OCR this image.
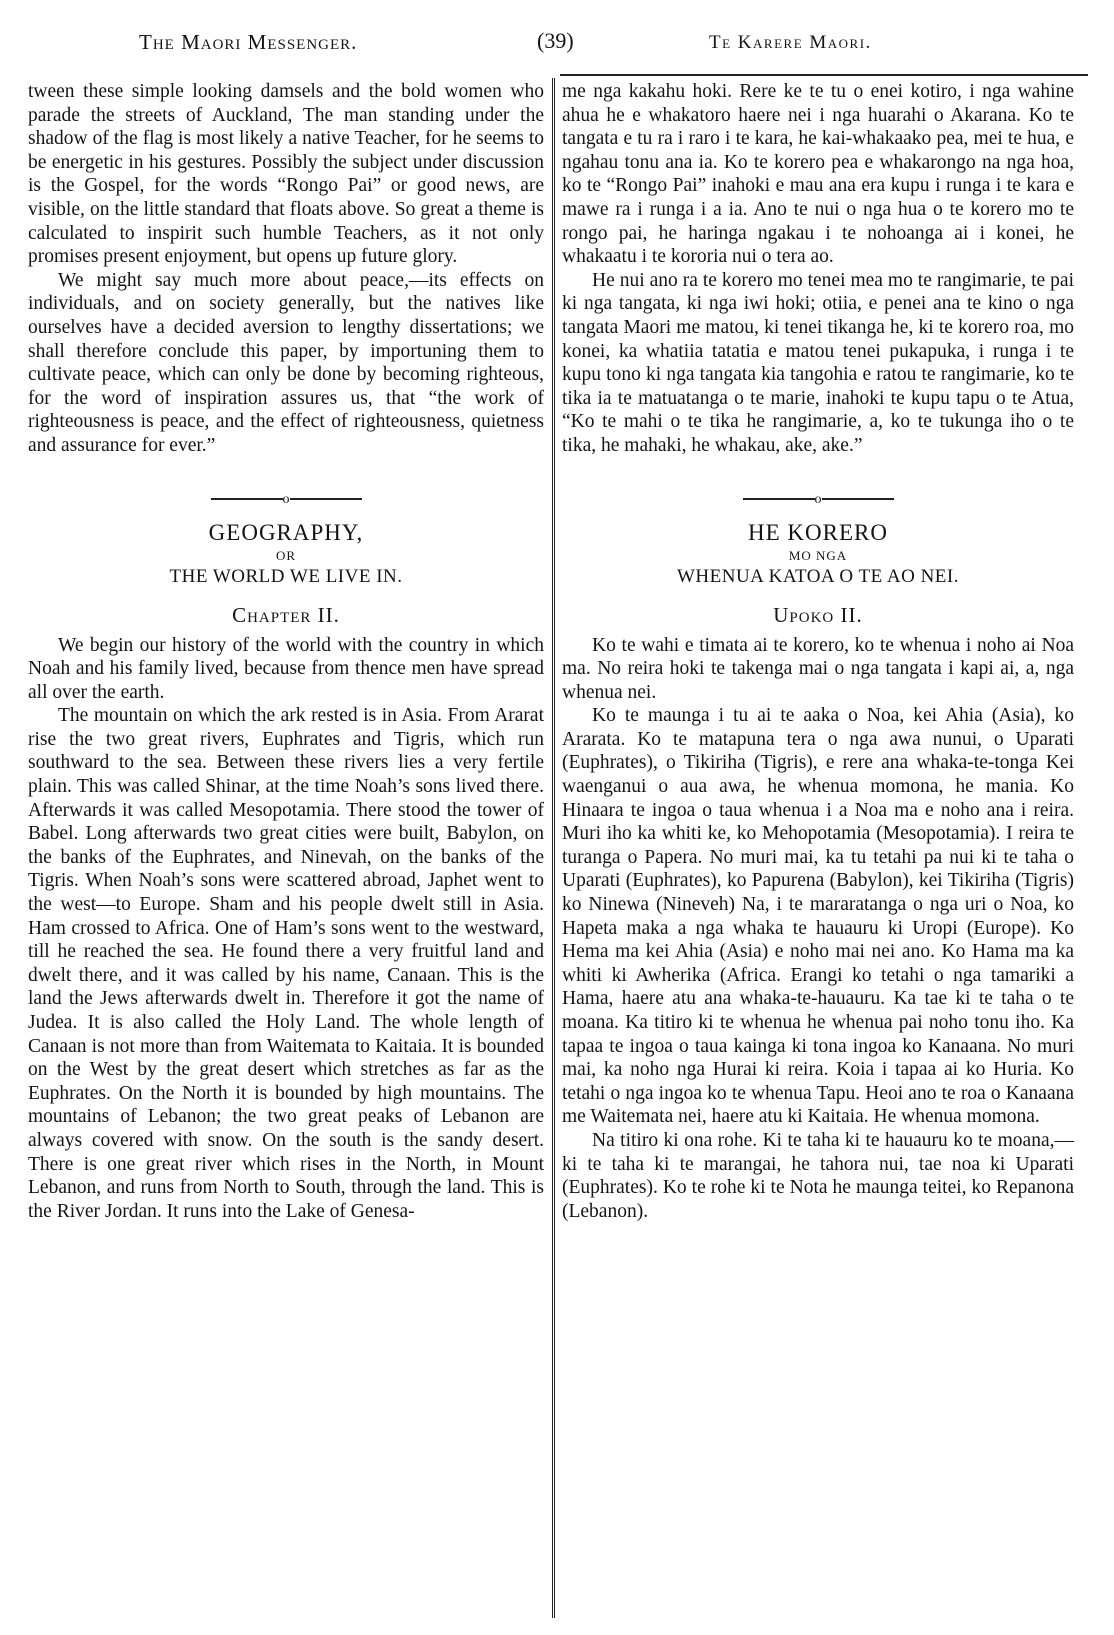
The Maori Messenger.	(39)	Te Karere Maori.

tween these simple looking damsels and the bold women who parade the streets of Auckland, The man standing under the shadow of the flag is most likely a native Teacher, for he seems to be energetic in his gestures. Possibly the subject under discussion is the Gospel, for the words “Rongo Pai” or good news, are visible, on the little standard that floats above. So great a theme is calculated to inspirit such humble Teachers, as it not only promises present enjoyment, but opens up future glory.

We might say much more about peace,—its effects on individuals, and on society generally, but the natives like ourselves have a decided aversion to lengthy dissertations; we shall therefore conclude this paper, by importuning them to cultivate peace, which can only be done by becoming righteous, for the word of inspiration assures us, that “the work of righteousness is peace, and the effect of righteousness, quietness and assurance for ever.”

o
GEOGRAPHY,
OR
THE WORLD WE LIVE IN.
Chapter II.

We begin our history of the world with the country in which Noah and his family lived, because from thence men have spread all over the earth.

The mountain on which the ark rested is in Asia. From Ararat rise the two great rivers, Euphrates and Tigris, which run southward to the sea. Between these rivers lies a very fertile plain. This was called Shinar, at the time Noah’s sons lived there. Afterwards it was called Mesopotamia. There stood the tower of Babel. Long afterwards two great cities were built, Babylon, on the banks of the Euphrates, and Ninevah, on the banks of the Tigris. When Noah’s sons were scattered abroad, Japhet went to the west—to Europe. Sham and his people dwelt still in Asia. Ham crossed to Africa. One of Ham’s sons went to the westward, till he reached the sea. He found there a very fruitful land and dwelt there, and it was called by his name, Canaan. This is the land the Jews afterwards dwelt in. Therefore it got the name of Judea. It is also called the Holy Land. The whole length of Canaan is not more than from Waitemata to Kaitaia. It is bounded on the West by the great desert which stretches as far as the Euphrates. On the North it is bounded by high mountains. The mountains of Lebanon; the two great peaks of Lebanon are always covered with snow. On the south is the sandy desert. There is one great river which rises in the North, in Mount Lebanon, and runs from North to South, through the land. This is the River Jordan. It runs into the Lake of Genesa-

me nga kakahu hoki. Rere ke te tu o enei kotiro, i nga wahine ahua he e whakatoro haere nei i nga huarahi o Akarana. Ko te tangata e tu ra i raro i te kara, he kai-whakaako pea, mei te hua, e ngahau tonu ana ia. Ko te korero pea e whakarongo na nga hoa, ko te “Rongo Pai” inahoki e mau ana era kupu i runga i te kara e mawe ra i runga i a ia. Ano te nui o nga hua o te korero mo te rongo pai, he haringa ngakau i te nohoanga ai i konei, he whakaatu i te kororia nui o tera ao.

He nui ano ra te korero mo tenei mea mo te rangimarie, te pai ki nga tangata, ki nga iwi hoki; otiia, e penei ana te kino o nga tangata Maori me matou, ki tenei tikanga he, ki te korero roa, mo konei, ka whatiia tatatia e matou tenei pukapuka, i runga i te kupu tono ki nga tangata kia tangohia e ratou te rangimarie, ko te tika ia te matuatanga o te marie, inahoki te kupu tapu o te Atua, “Ko te mahi o te tika he rangimarie, a, ko te tukunga iho o te tika, he mahaki, he whakau, ake, ake.”

o
HE KORERO
MO NGA
WHENUA KATOA O TE AO NEI.
Upoko II.

Ko te wahi e timata ai te korero, ko te whenua i noho ai Noa ma. No reira hoki te takenga mai o nga tangata i kapi ai, a, nga whenua nei.

Ko te maunga i tu ai te aaka o Noa, kei Ahia (Asia), ko Ararata. Ko te matapuna tera o nga awa nunui, o Uparati (Euphrates), o Tikiriha (Tigris), e rere ana whaka-te-tonga Kei waenganui o aua awa, he whenua momona, he mania. Ko Hinaara te ingoa o taua whenua i a Noa ma e noho ana i reira. Muri iho ka whiti ke, ko Mehopotamia (Mesopotamia). I reira te turanga o Papera. No muri mai, ka tu tetahi pa nui ki te taha o Uparati (Euphrates), ko Papurena (Babylon), kei Tikiriha (Tigris) ko Ninewa (Nineveh) Na, i te mararatanga o nga uri o Noa, ko Hapeta maka a nga whaka te hauauru ki Uropi (Europe). Ko Hema ma kei Ahia (Asia) e noho mai nei ano. Ko Hama ma ka whiti ki Awherika (Africa. Erangi ko tetahi o nga tamariki a Hama, haere atu ana whaka-te-hauauru. Ka tae ki te taha o te moana. Ka titiro ki te whenua he whenua pai noho tonu iho. Ka tapaa te ingoa o taua kainga ki tona ingoa ko Kanaana. No muri mai, ka noho nga Hurai ki reira. Koia i tapaa ai ko Huria. Ko tetahi o nga ingoa ko te whenua Tapu. Heoi ano te roa o Kanaana me Waitemata nei, haere atu ki Kaitaia. He whenua momona.

Na titiro ki ona rohe. Ki te taha ki te hauauru ko te moana,—ki te taha ki te marangai, he tahora nui, tae noa ki Uparati (Euphrates). Ko te rohe ki te Nota he maunga teitei, ko Repanona (Lebanon).
